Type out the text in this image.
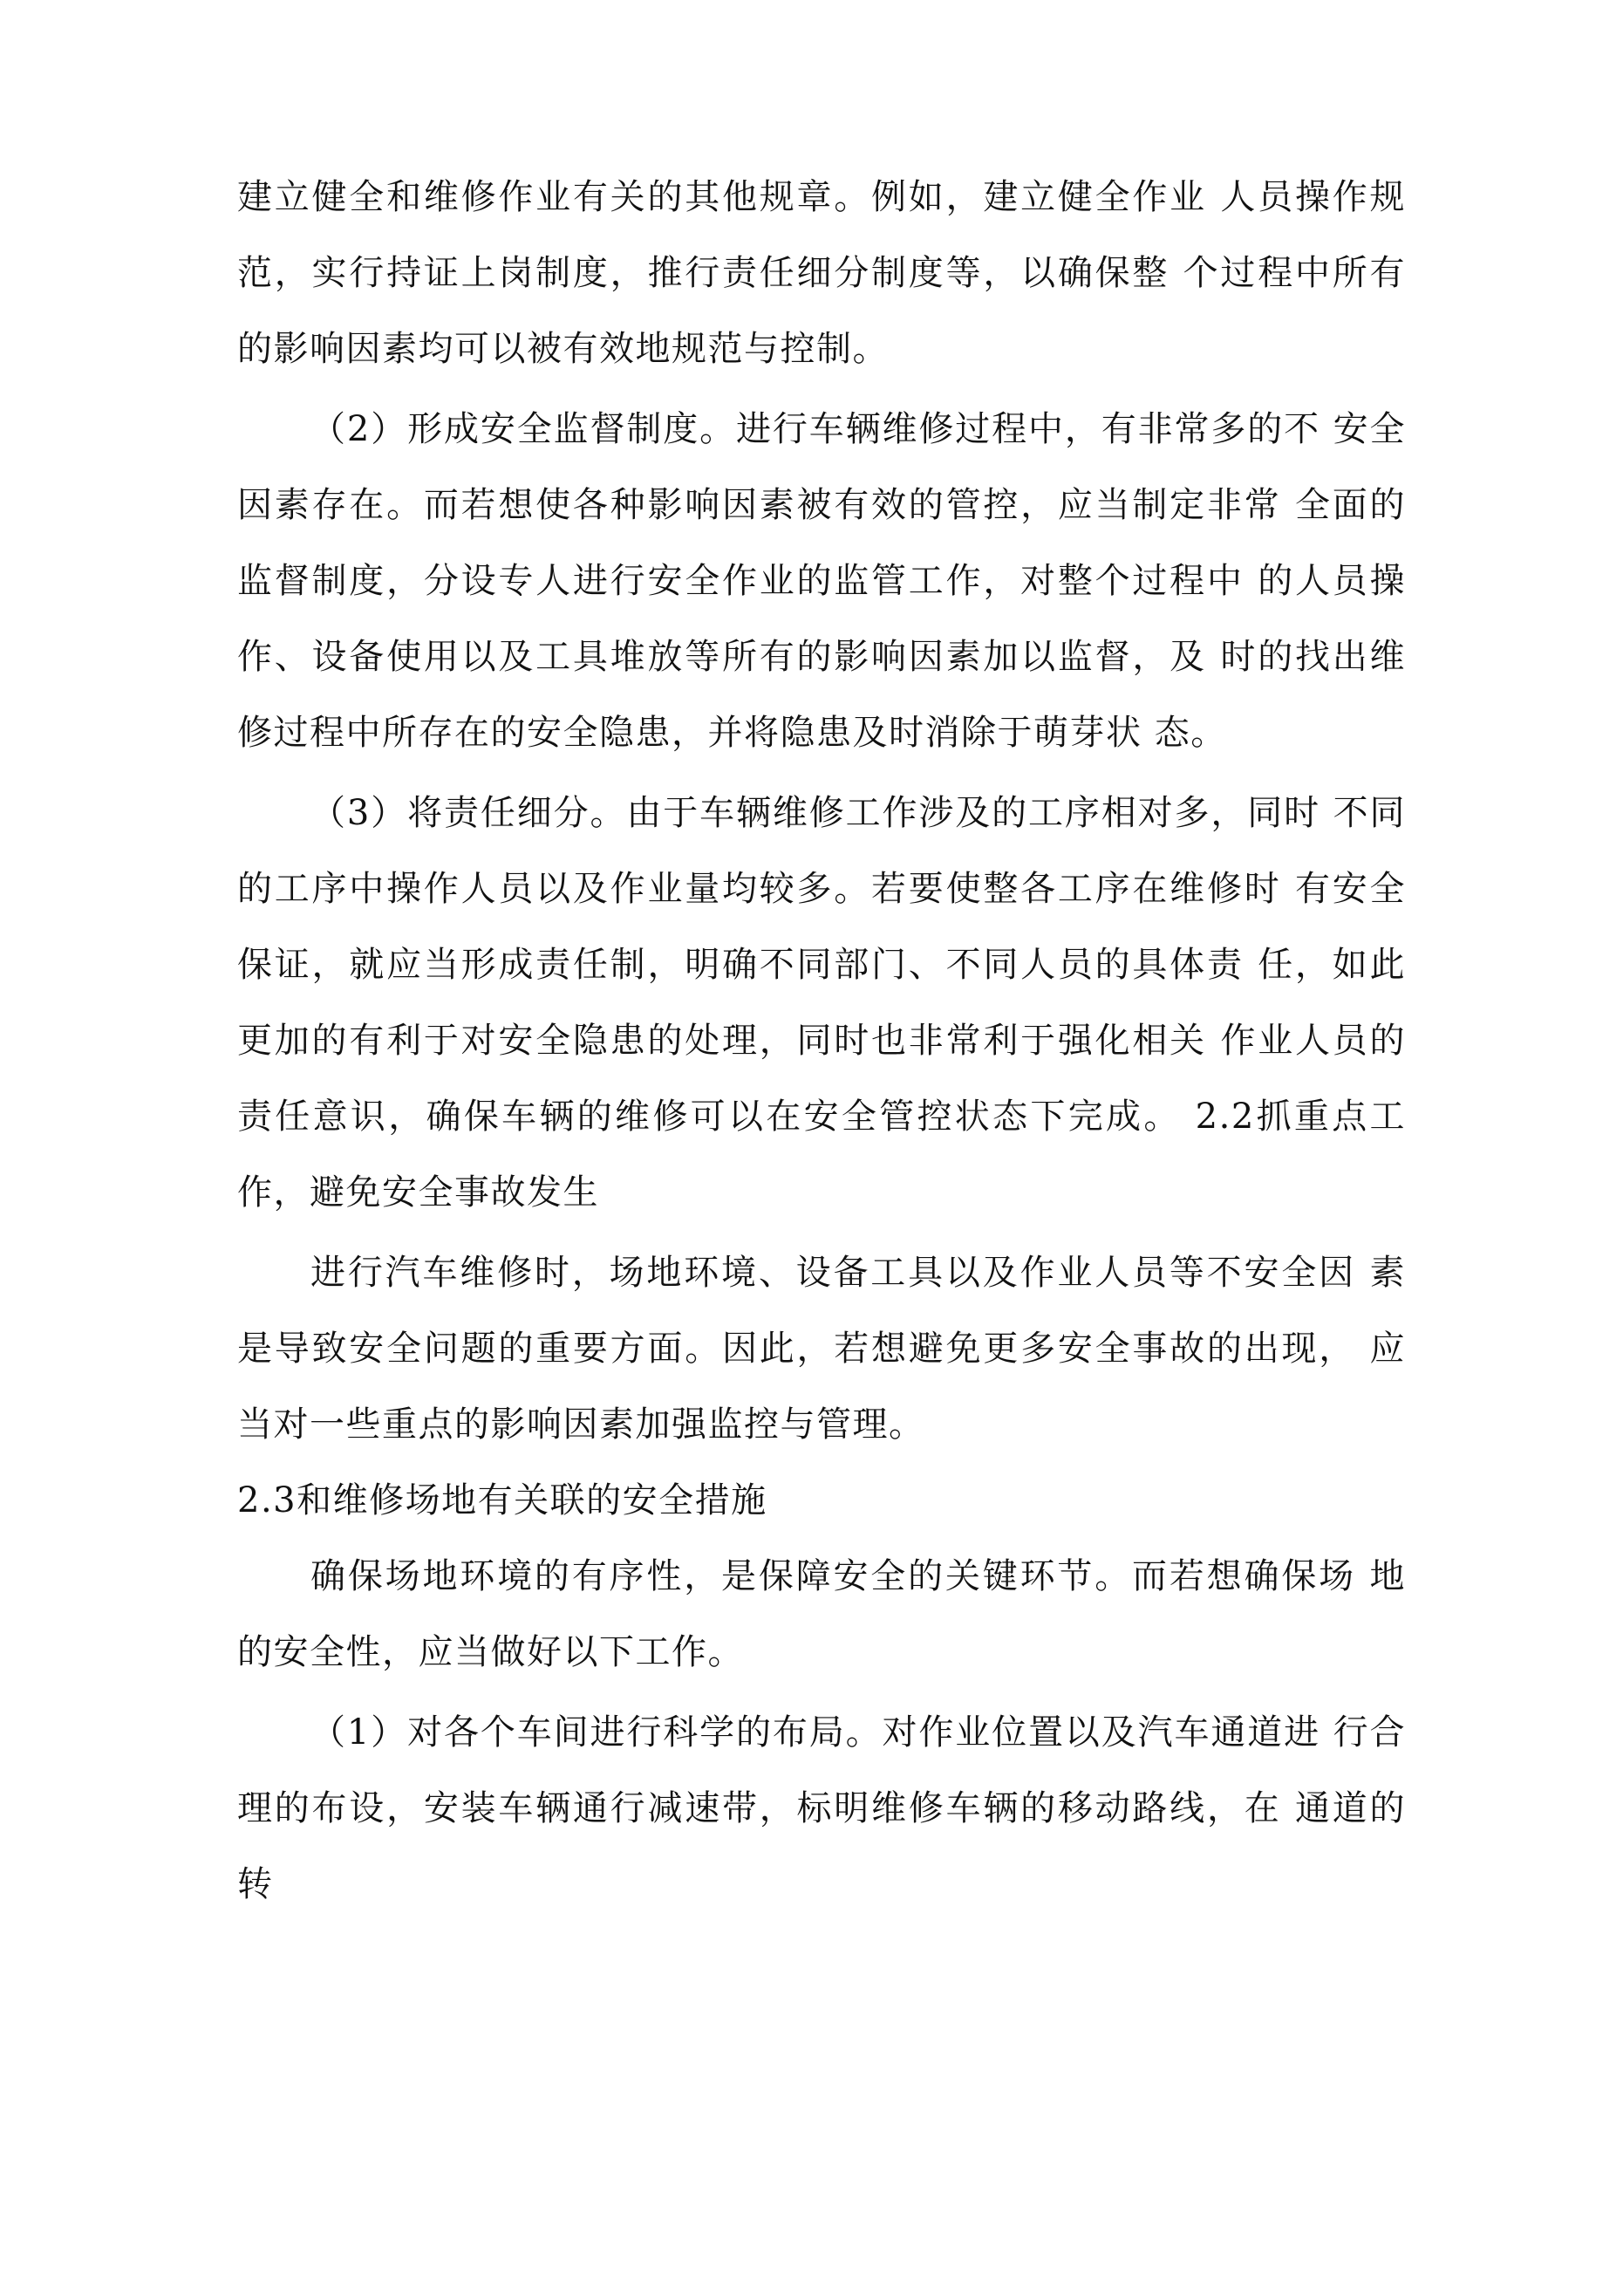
建立健全和维修作业有关的其他规章。例如，建立健全作业 人员操作规范，实行持证上岗制度，推行责任细分制度等，以确保整 个过程中所有的影响因素均可以被有效地规范与控制。

（2）形成安全监督制度。进行车辆维修过程中，有非常多的不 安全因素存在。而若想使各种影响因素被有效的管控，应当制定非常 全面的监督制度，分设专人进行安全作业的监管工作，对整个过程中 的人员操作、设备使用以及工具堆放等所有的影响因素加以监督，及 时的找出维修过程中所存在的安全隐患，并将隐患及时消除于萌芽状 态。

（3）将责任细分。由于车辆维修工作涉及的工序相对多，同时 不同的工序中操作人员以及作业量均较多。若要使整各工序在维修时 有安全保证，就应当形成责任制，明确不同部门、不同人员的具体责 任，如此更加的有利于对安全隐患的处理，同时也非常利于强化相关 作业人员的责任意识，确保车辆的维修可以在安全管控状态下完成。 2.2抓重点工作，避免安全事故发生

进行汽车维修时，场地环境、设备工具以及作业人员等不安全因 素是导致安全问题的重要方面。因此，若想避免更多安全事故的出现， 应当对一些重点的影响因素加强监控与管理。

2.3和维修场地有关联的安全措施

确保场地环境的有序性，是保障安全的关键环节。而若想确保场 地的安全性，应当做好以下工作。

（1）对各个车间进行科学的布局。对作业位置以及汽车通道进 行合理的布设，安装车辆通行减速带，标明维修车辆的移动路线，在 通道的转
